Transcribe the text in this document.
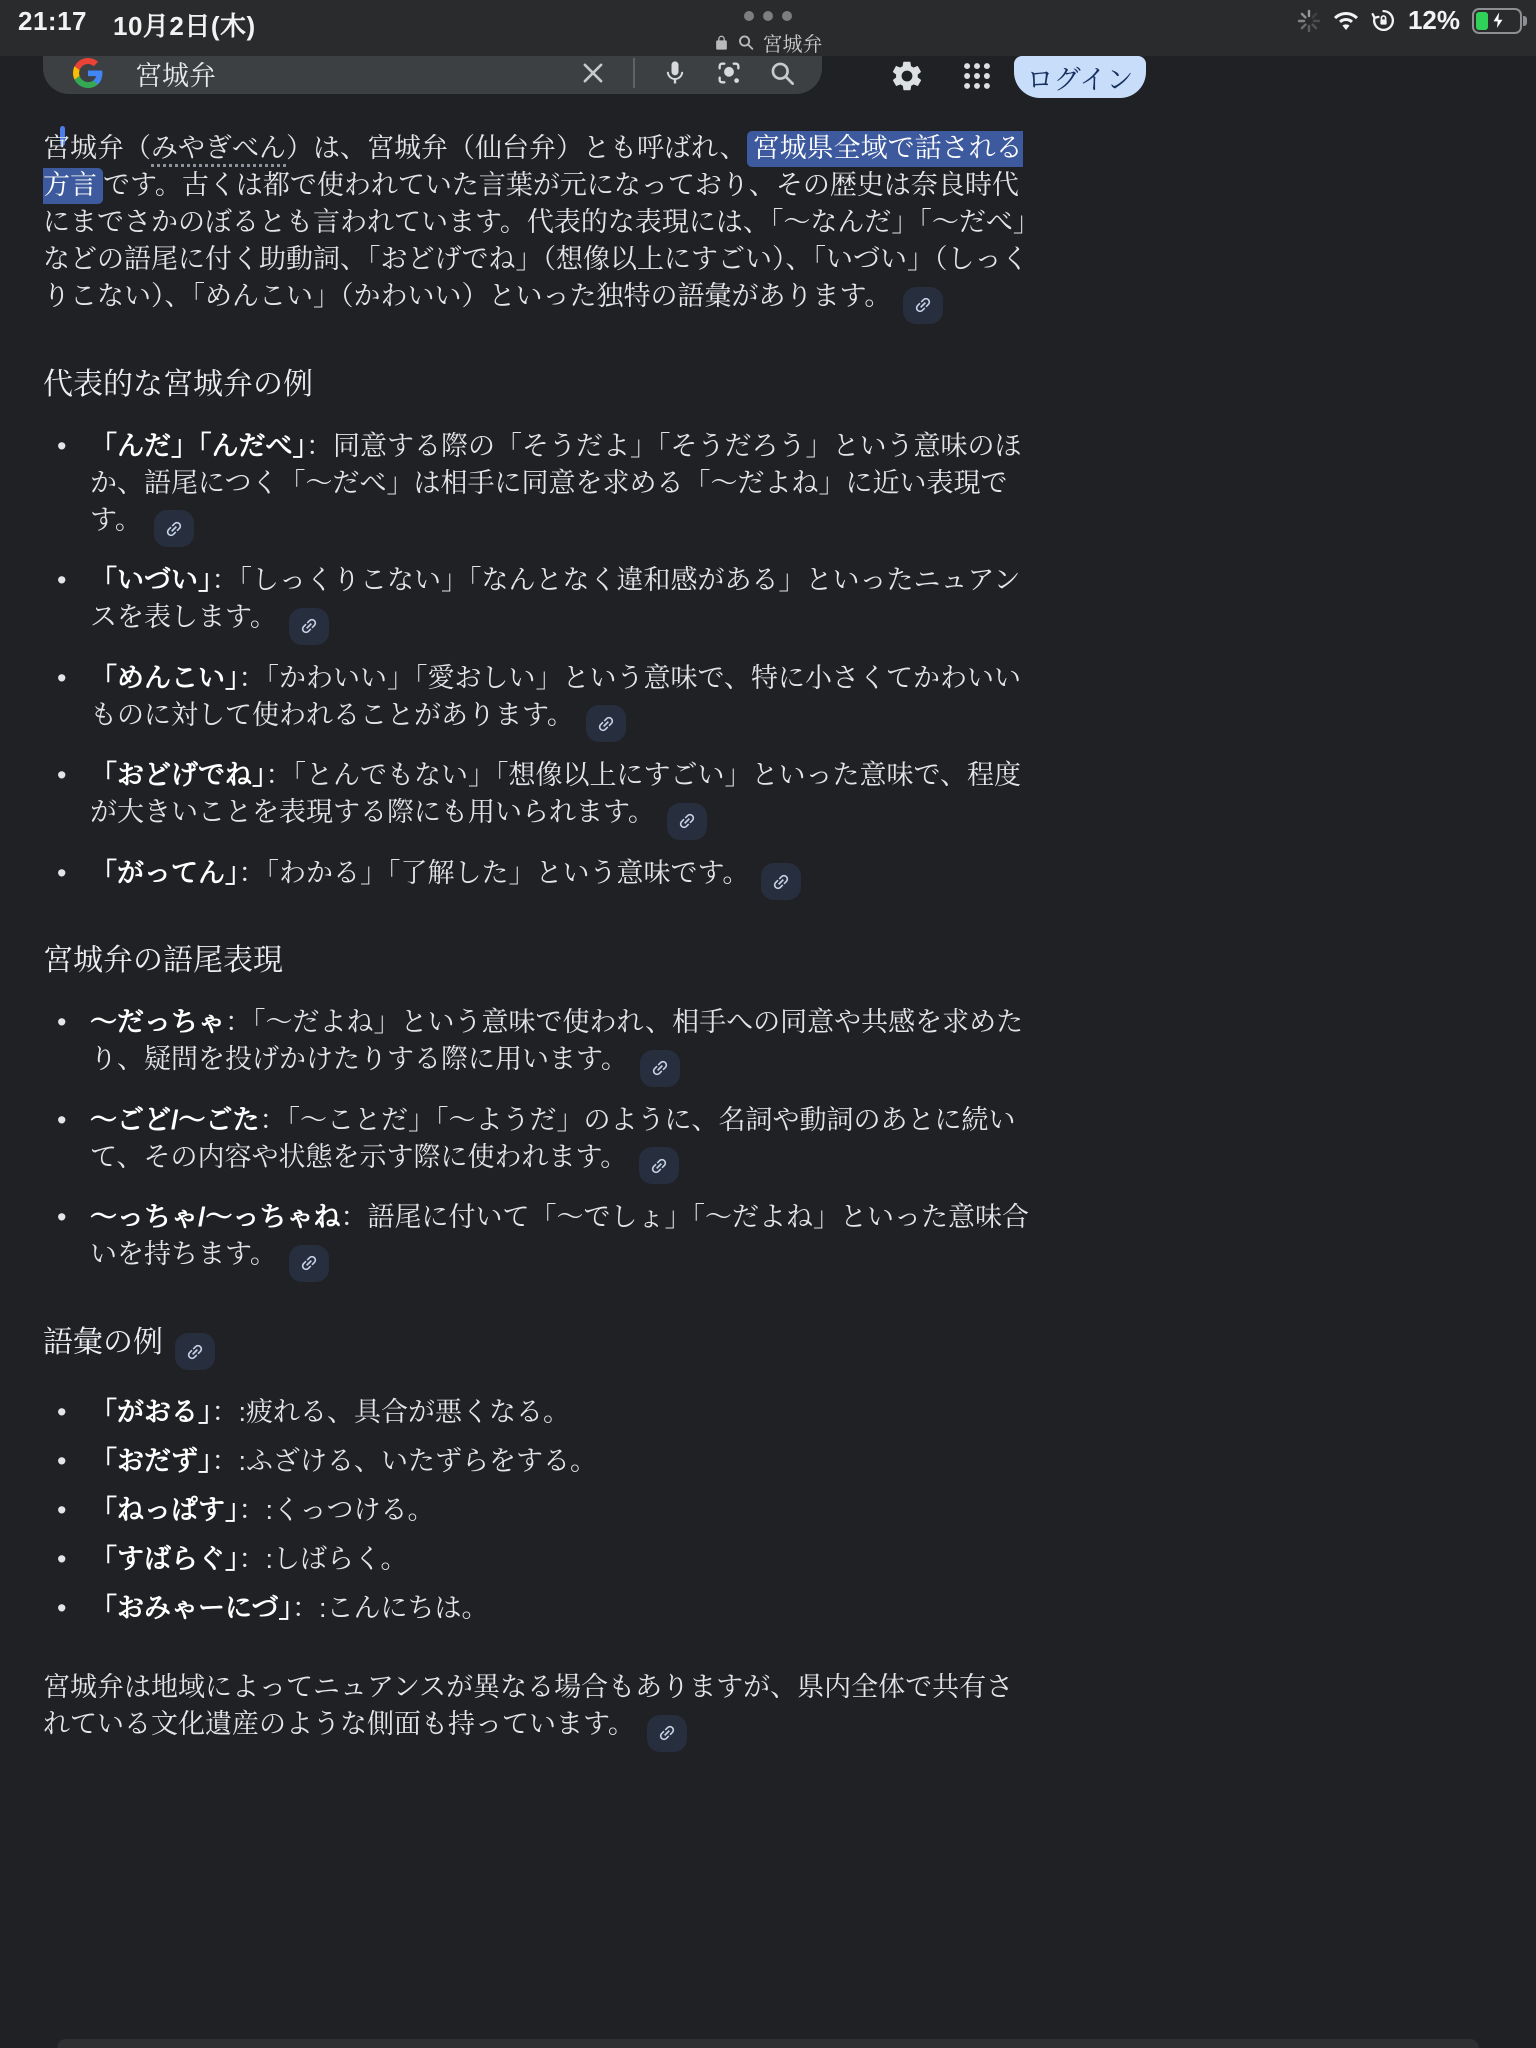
21:17 10月2日(木)	12%
宮城弁
宮城弁	ログイン

宮城弁（みやぎべん）は、宮城弁（仙台弁）とも呼ばれ、 宮城県全域で話される方言 です。古くは都で使われていた言葉が元になっており、その歴史は奈良時代にまでさかのぼるとも言われています。代表的な表現には、「〜なんだ」「〜だべ」などの語尾に付く助動詞、「おどげでね」（想像以上にすごい）、「いづい」（しっくりこない）、「めんこい」（かわいい）といった独特の語彙があります。

代表的な宮城弁の例
• 「んだ」「んだべ」：同意する際の「そうだよ」「そうだろう」という意味のほか、語尾につく「〜だべ」は相手に同意を求める「〜だよね」に近い表現です。
• 「いづい」：「しっくりこない」「なんとなく違和感がある」といったニュアンスを表します。
• 「めんこい」：「かわいい」「愛おしい」という意味で、特に小さくてかわいいものに対して使われることがあります。
• 「おどげでね」：「とんでもない」「想像以上にすごい」といった意味で、程度が大きいことを表現する際にも用いられます。
• 「がってん」：「わかる」「了解した」という意味です。
宮城弁の語尾表現
• 〜だっちゃ：「〜だよね」という意味で使われ、相手への同意や共感を求めたり、疑問を投げかけたりする際に用います。
• 〜ごど/〜ごた：「〜ことだ」「〜ようだ」のように、名詞や動詞のあとに続いて、その内容や状態を示す際に使われます。
• 〜っちゃ/〜っちゃね：語尾に付いて「〜でしょ」「〜だよね」といった意味合いを持ちます。
語彙の例
• 「がおる」：:疲れる、具合が悪くなる。
• 「おだず」：:ふざける、いたずらをする。
• 「ねっぱす」：:くっつける。
• 「すばらぐ」：:しばらく。
• 「おみゃーにづ」：:こんにちは。

宮城弁は地域によってニュアンスが異なる場合もありますが、県内全体で共有されている文化遺産のような側面も持っています。
